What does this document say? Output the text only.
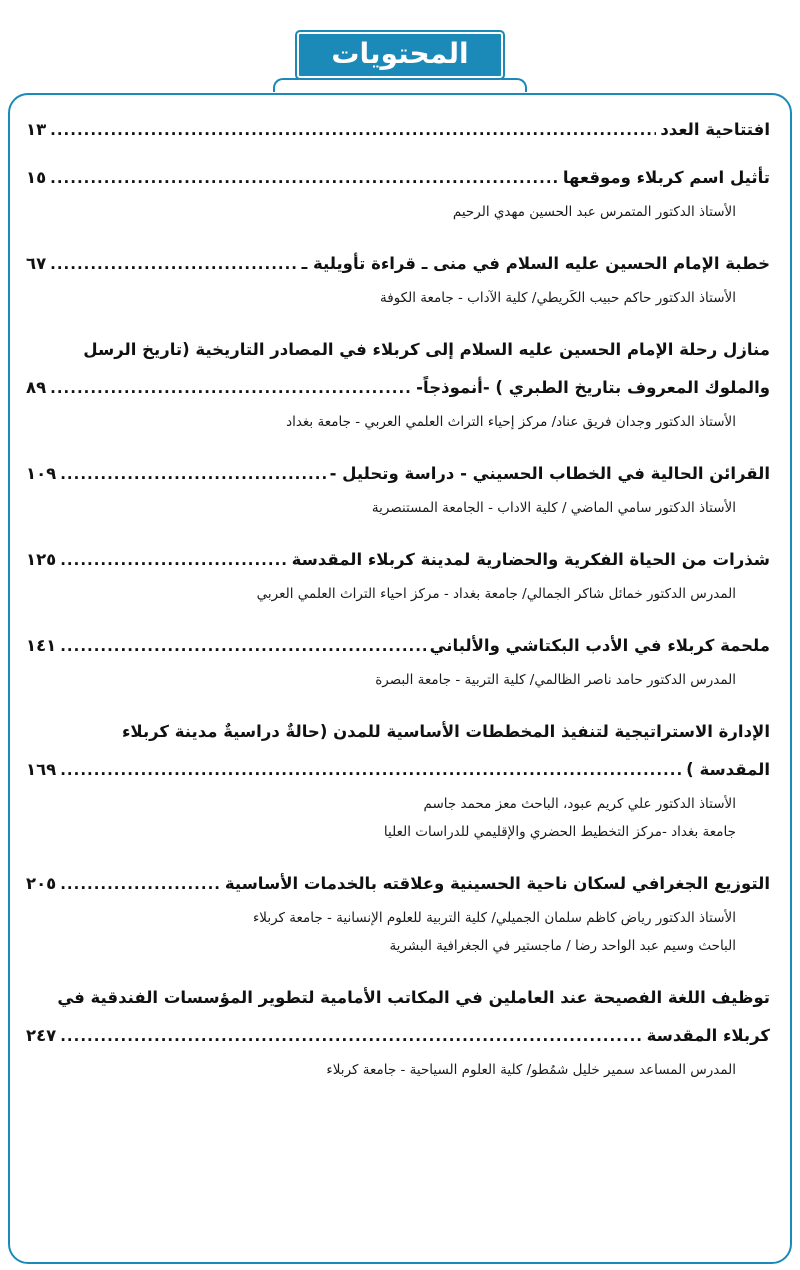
المحتويات
افتتاحية العدد
.....
١٣
تأثيل اسم كربلاء وموقعها
.....
١٥
الأستاذ الدكتور المتمرس عبد الحسين مهدي الرحيم
خطبة الإمام الحسين عليه السلام في منى ـ قراءة تأويلية ـ
.....
٦٧
الأستاذ الدكتور حاكم حبيب الكَريطي/ كلية الآداب - جامعة الكوفة
منازل رحلة الإمام الحسين عليه السلام إلى كربلاء في المصادر التاريخية (تاريخ الرسل
والملوك المعروف بتاريخ الطبري ) -أنموذجاً-
.....
٨٩
الأستاذ الدكتور وجدان فريق عناد/ مركز إحياء التراث العلمي العربي - جامعة بغداد
القرائن الحالية في الخطاب الحسيني - دراسة وتحليل -
.....
١٠٩
الأستاذ الدكتور سامي الماضي / كلية الاداب - الجامعة المستنصرية
شذرات من الحياة الفكرية والحضارية لمدينة كربلاء المقدسة
.....
١٢٥
المدرس الدكتور خمائل شاكر الجمالي/ جامعة بغداد - مركز احياء التراث العلمي العربي
ملحمة كربلاء في الأدب البكتاشي والألباني
.....
١٤١
المدرس الدكتور حامد ناصر الظالمي/ كلية التربية - جامعة البصرة
الإدارة الاستراتيجية لتنفيذ المخططات الأساسية للمدن (حالةٌ دراسيةٌ مدينة كربلاء
المقدسة )
.....
١٦٩
الأستاذ الدكتور علي كريم عبود، الباحث معز محمد جاسم
جامعة بغداد -مركز التخطيط الحضري والإقليمي للدراسات العليا
التوزيع الجغرافي لسكان ناحية الحسينية وعلاقته بالخدمات الأساسية
.....
٢٠٥
الأستاذ الدكتور رياض كاظم سلمان الجميلي/ كلية التربية للعلوم الإنسانية - جامعة كربلاء
الباحث وسيم عبد الواحد رضا / ماجستير في الجغرافية البشرية
توظيف اللغة الفصيحة عند العاملين في المكاتب الأمامية لتطوير المؤسسات الفندقية في
كربلاء المقدسة
.....
٢٤٧
المدرس المساعد سمير خليل شمُطو/ كلية العلوم السياحية - جامعة كربلاء
